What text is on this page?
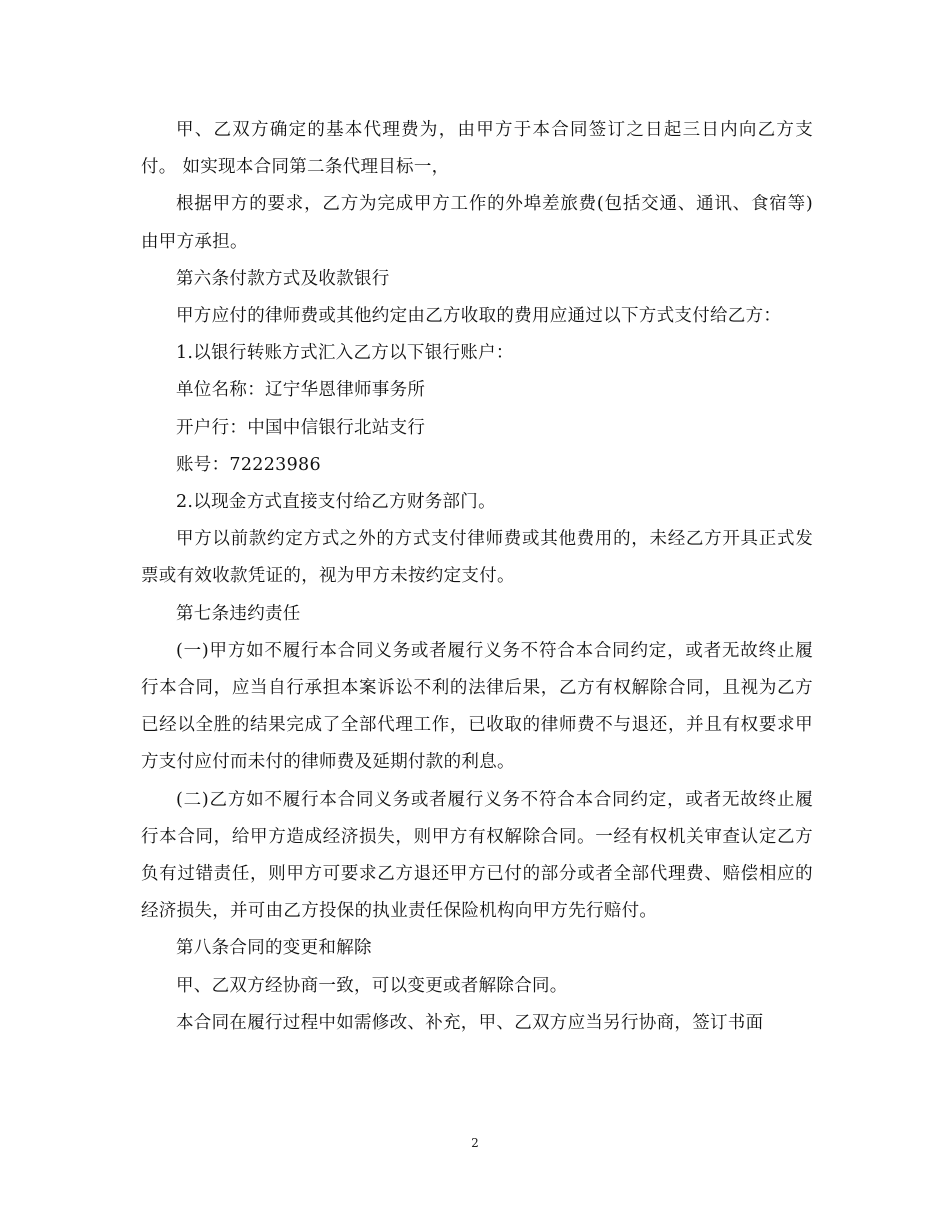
甲、乙双方确定的基本代理费为，由甲方于本合同签订之日起三日内向乙方支付。 如实现本合同第二条代理目标一，

根据甲方的要求，乙方为完成甲方工作的外埠差旅费(包括交通、通讯、食宿等)由甲方承担。

第六条付款方式及收款银行

甲方应付的律师费或其他约定由乙方收取的费用应通过以下方式支付给乙方：

1.以银行转账方式汇入乙方以下银行账户：

单位名称：辽宁华恩律师事务所

开户行：中国中信银行北站支行

账号：72223986

2.以现金方式直接支付给乙方财务部门。

甲方以前款约定方式之外的方式支付律师费或其他费用的，未经乙方开具正式发票或有效收款凭证的，视为甲方未按约定支付。

第七条违约责任

(一)甲方如不履行本合同义务或者履行义务不符合本合同约定，或者无故终止履行本合同，应当自行承担本案诉讼不利的法律后果，乙方有权解除合同，且视为乙方已经以全胜的结果完成了全部代理工作，已收取的律师费不与退还，并且有权要求甲方支付应付而未付的律师费及延期付款的利息。

(二)乙方如不履行本合同义务或者履行义务不符合本合同约定，或者无故终止履行本合同，给甲方造成经济损失，则甲方有权解除合同。一经有权机关审查认定乙方负有过错责任，则甲方可要求乙方退还甲方已付的部分或者全部代理费、赔偿相应的经济损失，并可由乙方投保的执业责任保险机构向甲方先行赔付。

第八条合同的变更和解除

甲、乙双方经协商一致，可以变更或者解除合同。

本合同在履行过程中如需修改、补充，甲、乙双方应当另行协商，签订书面

2
